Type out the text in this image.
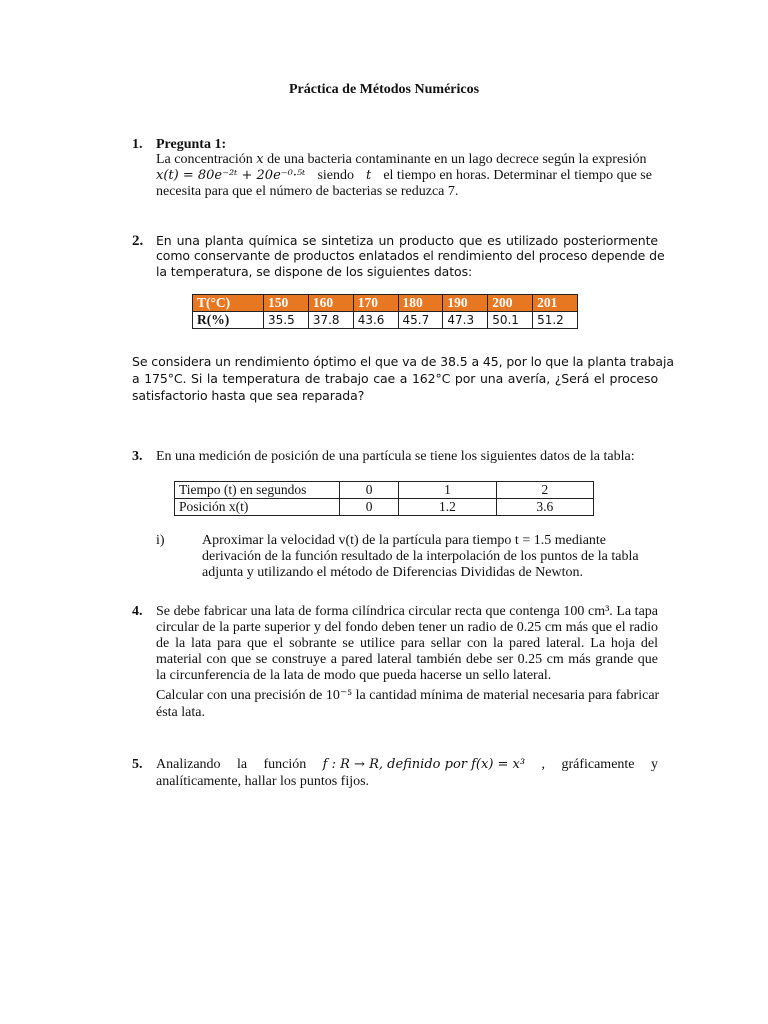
Práctica de Métodos Numéricos
1. Pregunta 1:
La concentración x de una bacteria contaminante en un lago decrece según la expresión
x(t) = 80e⁻²ᵗ + 20e⁻⁰·⁵ᵗ siendo t el tiempo en horas. Determinar el tiempo que se
necesita para que el número de bacterias se reduzca 7.
2. En una planta química se sintetiza un producto que es utilizado posteriormente
como conservante de productos enlatados el rendimiento del proceso depende de
la temperatura, se dispone de los siguientes datos:
T(°C)	150	160	170	180	190	200	201
R(%)	35.5	37.8	43.6	45.7	47.3	50.1	51.2
Se considera un rendimiento óptimo el que va de 38.5 a 45, por lo que la planta trabaja
a 175°C. Si la temperatura de trabajo cae a 162°C por una avería, ¿Será el proceso
satisfactorio hasta que sea reparada?
3. En una medición de posición de una partícula se tiene los siguientes datos de la tabla:
Tiempo (t) en segundos	0	1	2
Posición x(t)	0	1.2	3.6
i)	Aproximar la velocidad v(t) de la partícula para tiempo t = 1.5 mediante
derivación de la función resultado de la interpolación de los puntos de la tabla
adjunta y utilizando el método de Diferencias Divididas de Newton.
4. Se debe fabricar una lata de forma cilíndrica circular recta que contenga 100 cm³. La tapa
circular de la parte superior y del fondo deben tener un radio de 0.25 cm más que el radio
de la lata para que el sobrante se utilice para sellar con la pared lateral. La hoja del
material con que se construye a pared lateral también debe ser 0.25 cm más grande que
la circunferencia de la lata de modo que pueda hacerse un sello lateral.
Calcular con una precisión de 10⁻⁵ la cantidad mínima de material necesaria para fabricar
ésta lata.
5. Analizando la función f : R → R, definido por f(x) = x³ , gráficamente y
analíticamente, hallar los puntos fijos.
